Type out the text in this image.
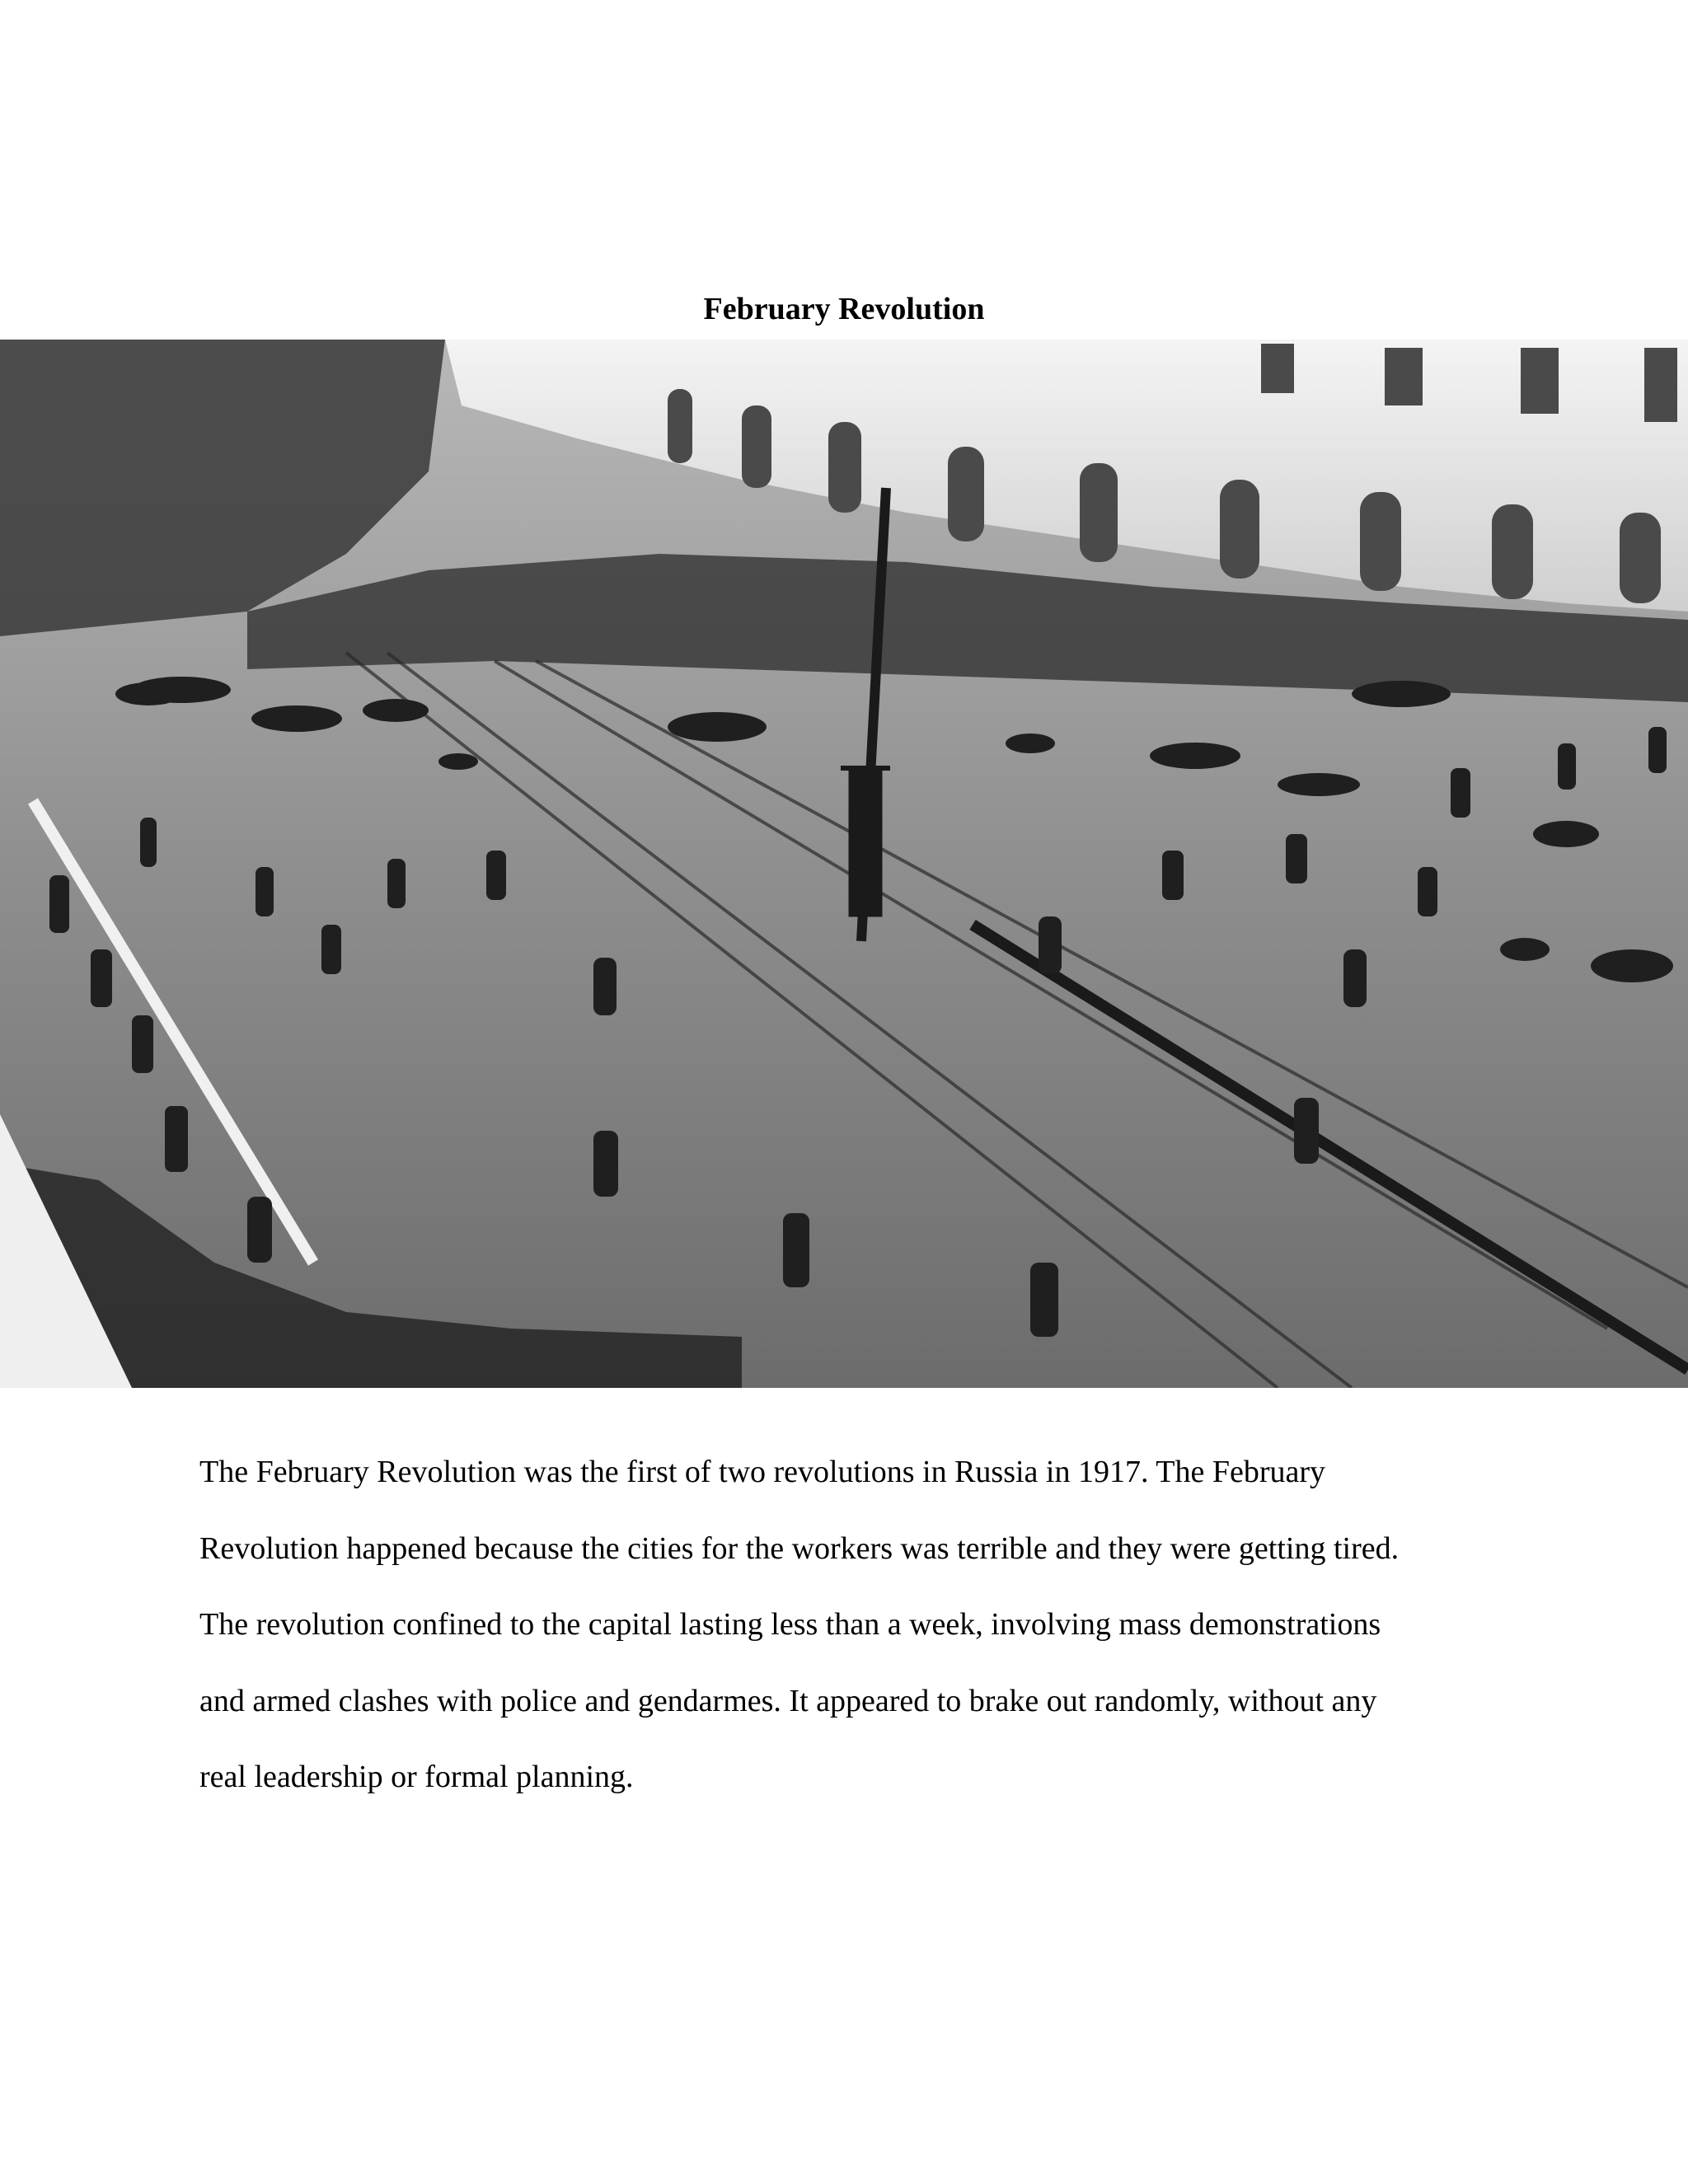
February Revolution

The February Revolution was the first of two revolutions in Russia in 1917. The February
Revolution happened because the cities for the workers was terrible and they were getting tired.
The revolution confined to the capital lasting less than a week, involving mass demonstrations
and armed clashes with police and gendarmes. It appeared to brake out randomly, without any
real leadership or formal planning.
